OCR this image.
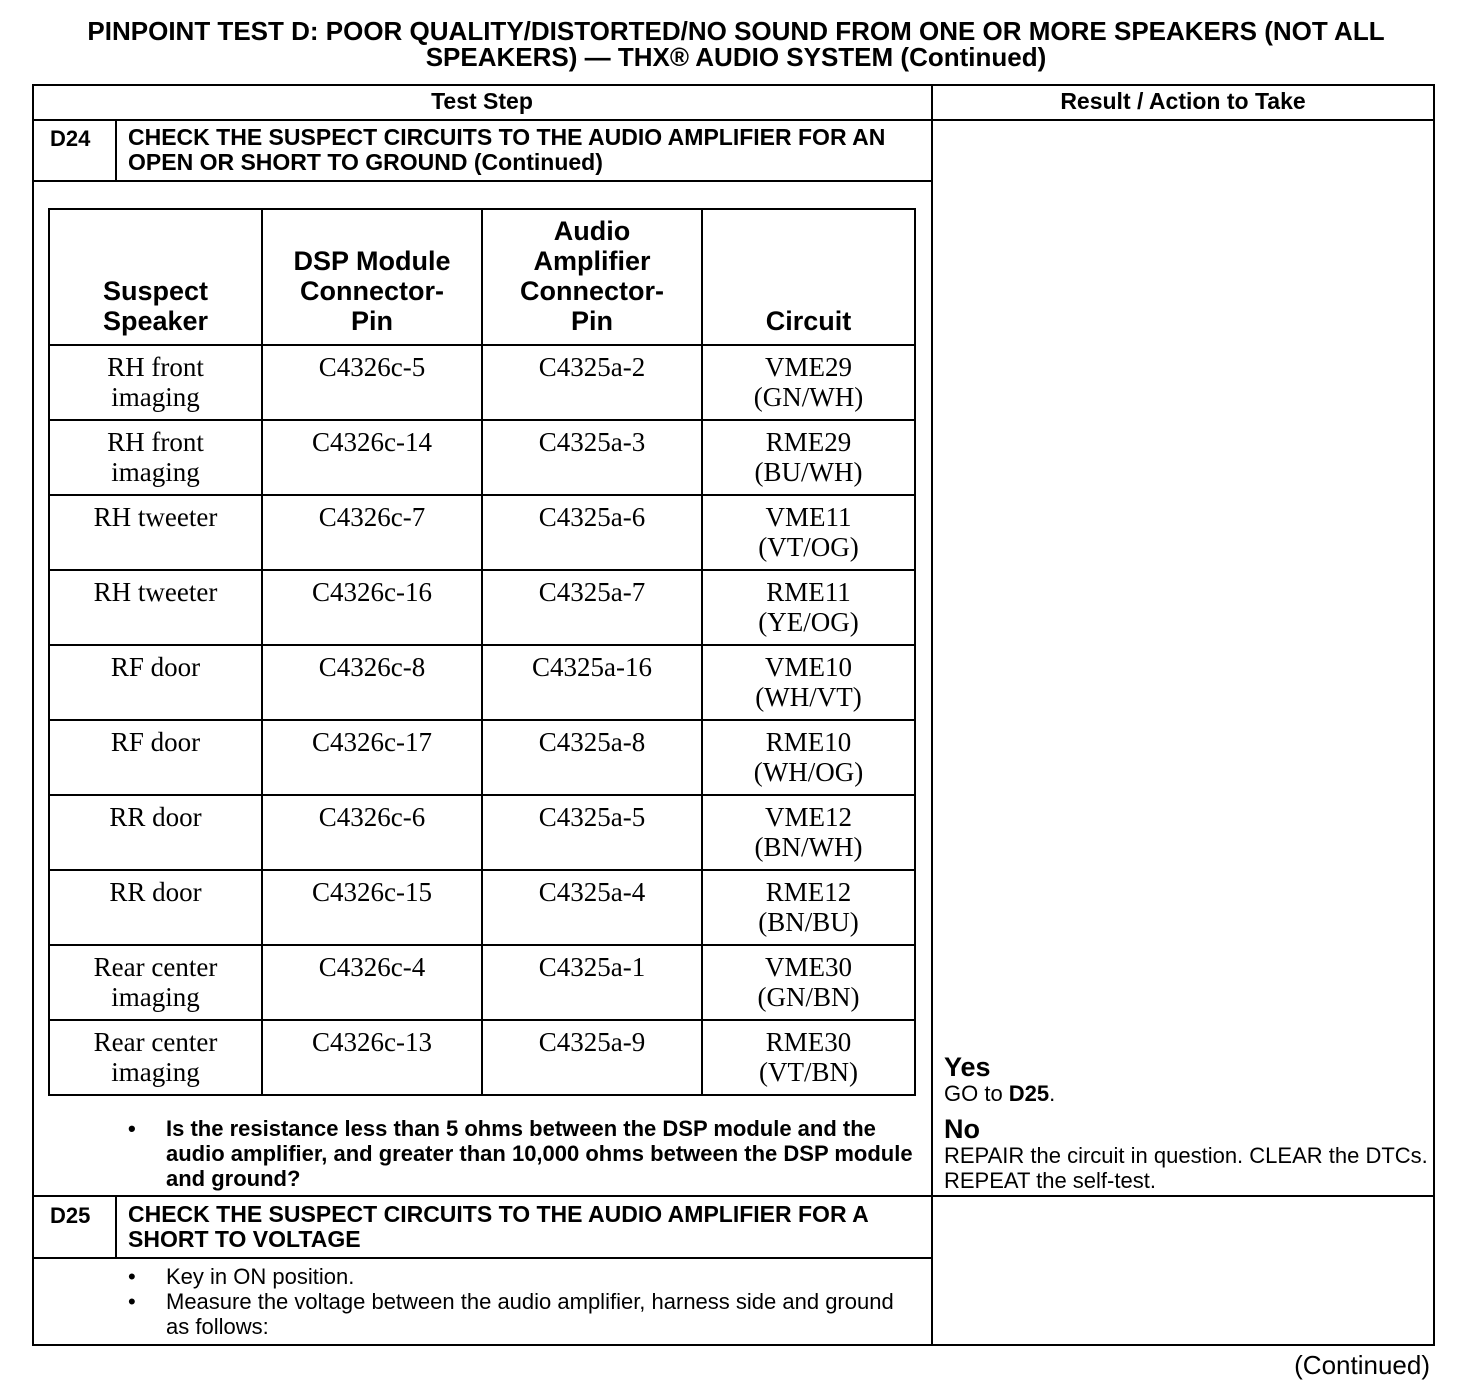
PINPOINT TEST D: POOR QUALITY/DISTORTED/NO SOUND FROM ONE OR MORE SPEAKERS (NOT ALL SPEAKERS) — THX® AUDIO SYSTEM (Continued)
Test Step	Result / Action to Take
D24 CHECK THE SUSPECT CIRCUITS TO THE AUDIO AMPLIFIER FOR AN OPEN OR SHORT TO GROUND (Continued)
Suspect
Speaker	DSP Module
Connector-
Pin	Audio
Amplifier
Connector-
Pin	Circuit

RH front
imaging	C4326c-5	C4325a-2	VME29
(GN/WH)

RH front
imaging	C4326c-14	C4325a-3	RME29
(BU/WH)

RH tweeter	C4326c-7	C4325a-6	VME11
(VT/OG)

RH tweeter	C4326c-16	C4325a-7	RME11
(YE/OG)

RF door	C4326c-8	C4325a-16	VME10
(WH/VT)

RF door	C4326c-17	C4325a-8	RME10
(WH/OG)

RR door	C4326c-6	C4325a-5	VME12
(BN/WH)

RR door	C4326c-15	C4325a-4	RME12
(BN/BU)

Rear center
imaging	C4326c-4	C4325a-1	VME30
(GN/BN)

Rear center
imaging	C4326c-13	C4325a-9	RME30
(VT/BN)
• Is the resistance less than 5 ohms between the DSP module and the audio amplifier, and greater than 10,000 ohms between the DSP module and ground?
Yes
GO to D25.
No
REPAIR the circuit in question. CLEAR the DTCs. REPEAT the self-test.
D25 CHECK THE SUSPECT CIRCUITS TO THE AUDIO AMPLIFIER FOR A SHORT TO VOLTAGE
• Key in ON position.
• Measure the voltage between the audio amplifier, harness side and ground as follows:
(Continued)
